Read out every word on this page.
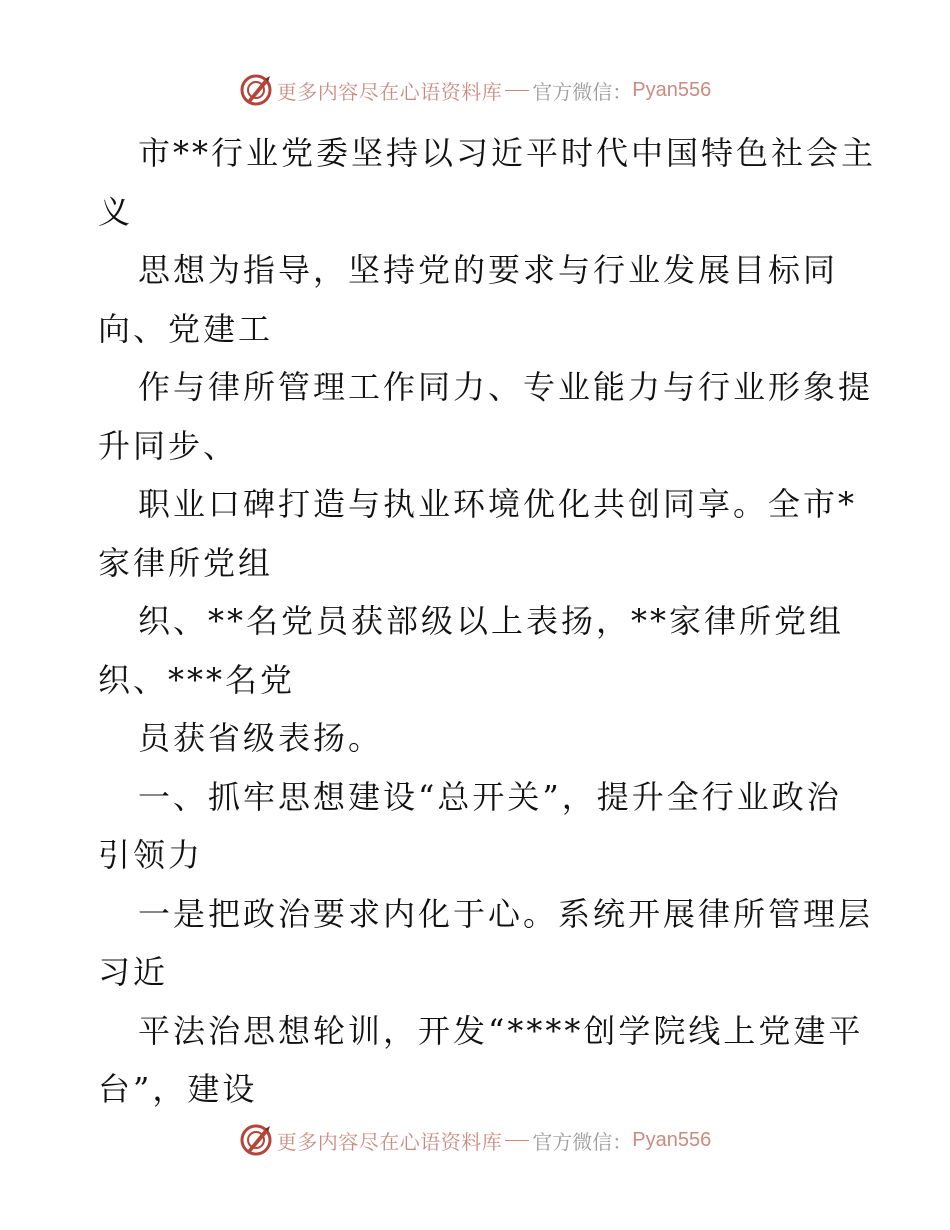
更多内容尽在心语资料库 官方微信： Pyan556
市**行业党委坚持以习近平时代中国特色社会主
义
思想为指导，坚持党的要求与行业发展目标同
向、党建工
作与律所管理工作同力、专业能力与行业形象提
升同步、
职业口碑打造与执业环境优化共创同享。全市*
家律所党组
织、**名党员获部级以上表扬，**家律所党组
织、***名党
员获省级表扬。
一、抓牢思想建设“总开关”，提升全行业政治
引领力
一是把政治要求内化于心。系统开展律所管理层
习近
平法治思想轮训，开发“****创学院线上党建平
台”，建设
更多内容尽在心语资料库 官方微信： Pyan556
